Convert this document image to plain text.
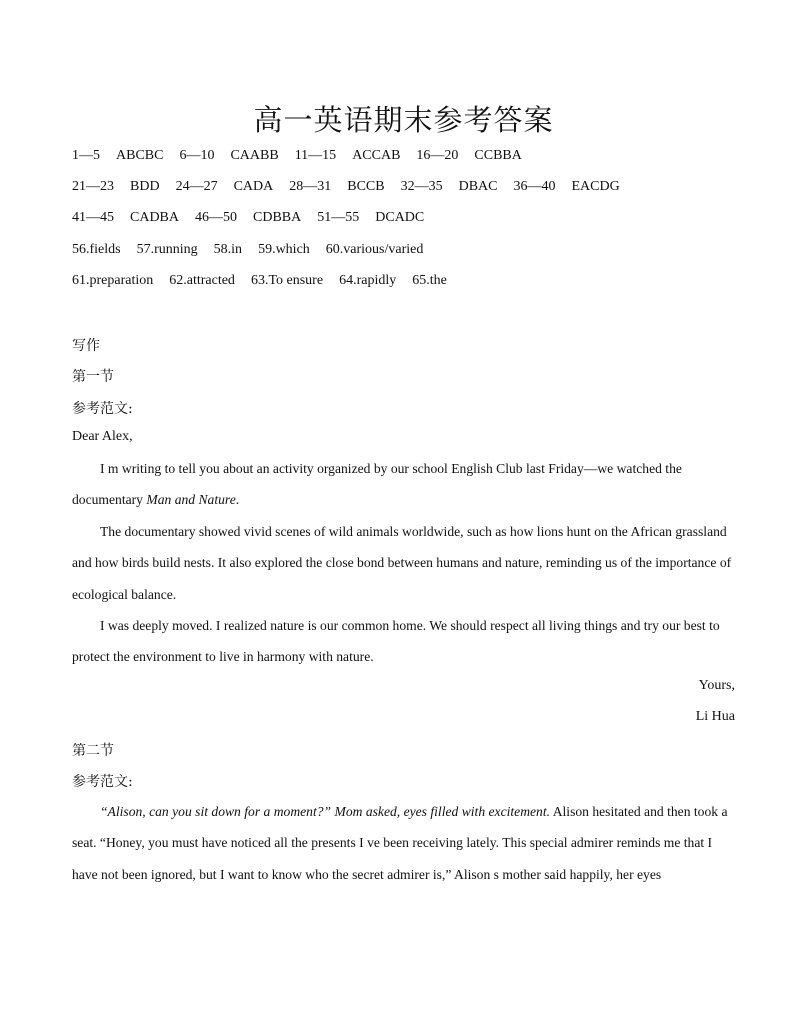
高一英语期末参考答案
1—5 ABCBC 6—10 CAABB 11—15 ACCAB 16—20 CCBBA
21—23 BDD 24—27 CADA 28—31 BCCB 32—35 DBAC 36—40 EACDG
41—45 CADBA 46—50 CDBBA 51—55 DCADC
56.fields 57.running 58.in 59.which 60.various/varied
61.preparation 62.attracted 63.To ensure 64.rapidly 65.the
写作
第一节
参考范文:
Dear Alex,
I m writing to tell you about an activity organized by our school English Club last Friday—we watched the documentary Man and Nature.
The documentary showed vivid scenes of wild animals worldwide, such as how lions hunt on the African grassland and how birds build nests. It also explored the close bond between humans and nature, reminding us of the importance of ecological balance.
I was deeply moved. I realized nature is our common home. We should respect all living things and try our best to protect the environment to live in harmony with nature.
Yours,
Li Hua
第二节
参考范文:
“Alison, can you sit down for a moment?” Mom asked, eyes filled with excitement. Alison hesitated and then took a seat. “Honey, you must have noticed all the presents I ve been receiving lately. This special admirer reminds me that I have not been ignored, but I want to know who the secret admirer is,” Alison s mother said happily, her eyes
